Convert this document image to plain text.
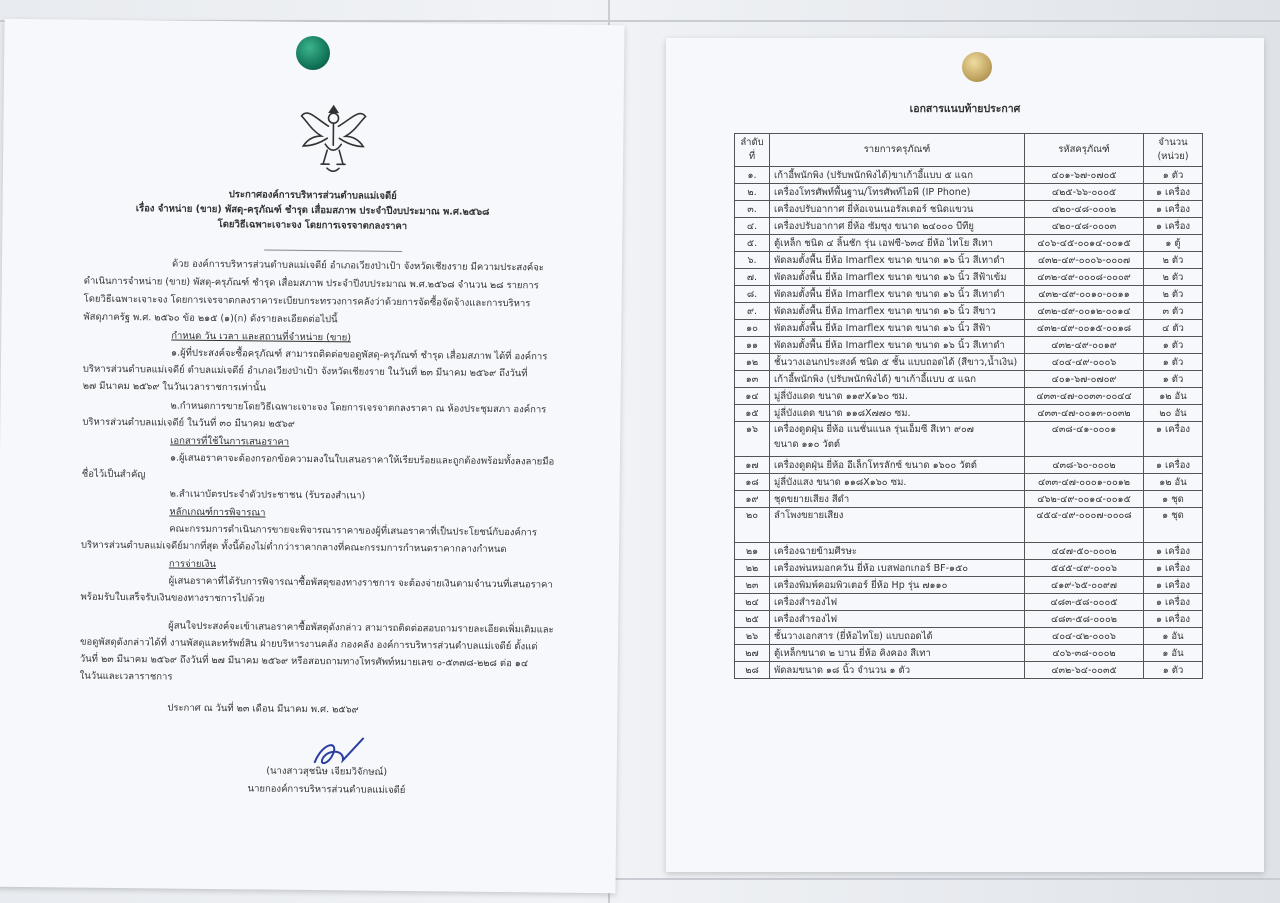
ประกาศองค์การบริหารส่วนตำบลแม่เจดีย์
เรื่อง จำหน่าย (ขาย) พัสดุ-ครุภัณฑ์ ชำรุด เสื่อมสภาพ ประจำปีงบประมาณ พ.ศ.๒๕๖๘
โดยวิธีเฉพาะเจาะจง โดยการเจรจาตกลงราคา
ด้วย องค์การบริหารส่วนตำบลแม่เจดีย์ อำเภอเวียงป่าเป้า จังหวัดเชียงราย มีความประสงค์จะ
ดำเนินการจำหน่าย (ขาย) พัสดุ-ครุภัณฑ์ ชำรุด เสื่อมสภาพ ประจำปีงบประมาณ พ.ศ.๒๕๖๘ จำนวน ๒๘ รายการ
โดยวิธีเฉพาะเจาะจง โดยการเจรจาตกลงราคาระเบียบกระทรวงการคลังว่าด้วยการจัดซื้อจัดจ้างและการบริหาร
พัสดุภาครัฐ พ.ศ. ๒๕๖๐ ข้อ ๒๑๕ (๑)(ก) ดังรายละเอียดต่อไปนี้
กำหนด วัน เวลา และสถานที่จำหน่าย (ขาย)
๑.ผู้ที่ประสงค์จะซื้อครุภัณฑ์ สามารถติดต่อขอดูพัสดุ-ครุภัณฑ์ ชำรุด เสื่อมสภาพ ได้ที่ องค์การ
บริหารส่วนตำบลแม่เจดีย์ ตำบลแม่เจดีย์ อำเภอเวียงป่าเป้า จังหวัดเชียงราย ในวันที่ ๒๓ มีนาคม ๒๕๖๙ ถึงวันที่
๒๗ มีนาคม ๒๕๖๙ ในวันเวลาราชการเท่านั้น
๒.กำหนดการขายโดยวิธีเฉพาะเจาะจง โดยการเจรจาตกลงราคา ณ ห้องประชุมสภา องค์การ
บริหารส่วนตำบลแม่เจดีย์ ในวันที่ ๓๐ มีนาคม ๒๕๖๙
เอกสารที่ใช้ในการเสนอราคา
๑.ผู้เสนอราคาจะต้องกรอกข้อความลงในใบเสนอราคาให้เรียบร้อยและถูกต้องพร้อมทั้งลงลายมือ
ชื่อไว้เป็นสำคัญ
๒.สำเนาบัตรประจำตัวประชาชน (รับรองสำเนา)
หลักเกณฑ์การพิจารณา
คณะกรรมการดำเนินการขายจะพิจารณาราคาของผู้ที่เสนอราคาที่เป็นประโยชน์กับองค์การ
บริหารส่วนตำบลแม่เจดีย์มากที่สุด ทั้งนี้ต้องไม่ต่ำกว่าราคากลางที่คณะกรรมการกำหนดราคากลางกำหนด
การจ่ายเงิน
ผู้เสนอราคาที่ได้รับการพิจารณาซื้อพัสดุของทางราชการ จะต้องจ่ายเงินตามจำนวนที่เสนอราคา
พร้อมรับใบเสร็จรับเงินของทางราชการไปด้วย
ผู้สนใจประสงค์จะเข้าเสนอราคาซื้อพัสดุดังกล่าว สามารถติดต่อสอบถามรายละเอียดเพิ่มเติมและ
ขอดูพัสดุดังกล่าวได้ที่ งานพัสดุและทรัพย์สิน ฝ่ายบริหารงานคลัง กองคลัง องค์การบริหารส่วนตำบลแม่เจดีย์ ตั้งแต่
วันที่ ๒๓ มีนาคม ๒๕๖๙ ถึงวันที่ ๒๗ มีนาคม ๒๕๖๙ หรือสอบถามทางโทรศัพท์หมายเลข ๐-๕๓๗๘-๒๒๘ ต่อ ๑๔
ในวันและเวลาราชการ
ประกาศ ณ วันที่ ๒๓ เดือน มีนาคม พ.ศ. ๒๕๖๙
(นางสาวสุชนิษ เจียมวิจักษณ์)
นายกองค์การบริหารส่วนตำบลแม่เจดีย์
เอกสารแนบท้ายประกาศ
ลำดับ
ที่	รายการครุภัณฑ์	รหัสครุภัณฑ์	จำนวน
(หน่วย)
๑.	เก้าอี้พนักพิง (ปรับพนักพิงได้)ขาเก้าอี้แบบ ๕ แฉก	๔๐๑-๖๗-๐๗๐๕	๑ ตัว
๒.	เครื่องโทรศัพท์พื้นฐาน/โทรศัพท์ไอพี (IP Phone)	๔๒๕-๖๖-๐๐๐๕	๑ เครื่อง
๓.	เครื่องปรับอากาศ ยี่ห้อเจนเนอรัลเตอร์ ชนิดแขวน	๔๒๐-๔๘-๐๐๐๒	๑ เครื่อง
๔.	เครื่องปรับอากาศ ยี่ห้อ ซัมซุง ขนาด ๒๔๐๐๐ บีทียู	๔๒๐-๔๘-๐๐๐๓	๑ เครื่อง
๕.	ตู้เหล็ก ชนิด ๔ ลิ้นชัก รุ่น เอฟซี-๖๓๔ ยี่ห้อ ไทโย สีเทา	๔๐๖-๔๕-๐๐๑๔-๐๐๑๕	๑ ตู้
๖.	พัดลมตั้งพื้น ยี่ห้อ Imarflex ขนาด ขนาด ๑๖ นิ้ว สีเทาดำ	๔๓๒-๔๙-๐๐๐๖-๐๐๐๗	๒ ตัว
๗.	พัดลมตั้งพื้น ยี่ห้อ Imarflex ขนาด ขนาด ๑๖ นิ้ว สีฟ้าเข้ม	๔๓๒-๔๙-๐๐๐๘-๐๐๐๙	๒ ตัว
๘.	พัดลมตั้งพื้น ยี่ห้อ Imarflex ขนาด ขนาด ๑๖ นิ้ว สีเทาดำ	๔๓๒-๔๙-๐๐๑๐-๐๐๑๑	๒ ตัว
๙.	พัดลมตั้งพื้น ยี่ห้อ Imarflex ขนาด ขนาด ๑๖ นิ้ว สีขาว	๔๓๒-๔๙-๐๐๑๒-๐๐๑๔	๓ ตัว
๑๐	พัดลมตั้งพื้น ยี่ห้อ Imarflex ขนาด ขนาด ๑๖ นิ้ว สีฟ้า	๔๓๒-๔๙-๐๐๑๕-๐๐๑๘	๔ ตัว
๑๑	พัดลมตั้งพื้น ยี่ห้อ Imarflex ขนาด ขนาด ๑๖ นิ้ว สีเทาดำ	๔๓๒-๔๙-๐๐๑๙	๑ ตัว
๑๒	ชั้นวางเอนกประสงค์ ชนิด ๕ ชั้น แบบถอดได้ (สีขาว,น้ำเงิน)	๔๐๔-๔๙-๐๐๐๖	๑ ตัว
๑๓	เก้าอี้พนักพิง (ปรับพนักพิงได้) ขาเก้าอี้แบบ ๕ แฉก	๔๐๑-๖๗-๐๗๐๙	๑ ตัว
๑๔	มู่ลี่บังแดด ขนาด ๑๑๙X๑๖๐ ซม.	๔๓๓-๔๗-๐๐๓๓-๐๐๔๔	๑๒ อัน
๑๕	มู่ลี่บังแดด ขนาด ๑๑๘X๗๗๐ ซม.	๔๓๓-๔๗-๐๐๑๓-๐๐๓๒	๒๐ อัน
๑๖	เครื่องดูดฝุ่น ยี่ห้อ แนชั่นแนล รุ่นเอ็มซี สีเทา ๙๐๗
ขนาด ๑๑๐ วัตต์	๔๓๘-๔๑-๐๐๐๑	๑ เครื่อง
๑๗	เครื่องดูดฝุ่น ยี่ห้อ อีเล็กโทรลักซ์ ขนาด ๑๖๐๐ วัตต์	๔๓๘-๖๐-๐๐๐๒	๑ เครื่อง
๑๘	มู่ลี่บังแสง ขนาด ๑๑๘X๑๖๐ ซม.	๔๓๓-๔๗-๐๐๐๑-๐๐๑๒	๑๒ อัน
๑๙	ชุดขยายเสียง สีดำ	๔๖๒-๔๙-๐๐๑๔-๐๐๑๕	๑ ชุด
๒๐	ลำโพงขยายเสียง	๔๕๔-๔๙-๐๐๐๗-๐๐๐๘	๑ ชุด
๒๑	เครื่องฉายข้ามศีรษะ	๔๔๗-๕๐-๐๐๐๒	๑ เครื่อง
๒๒	เครื่องพ่นหมอกควัน ยี่ห้อ เบสฟอกเกอร์ BF-๑๕๐	๕๔๕-๔๙-๐๐๐๖	๑ เครื่อง
๒๓	เครื่องพิมพ์คอมพิวเตอร์ ยี่ห้อ Hp รุ่น ๗๑๑๐	๔๑๙-๖๕-๐๐๙๗	๑ เครื่อง
๒๔	เครื่องสำรองไฟ	๔๘๓-๕๘-๐๐๐๕	๑ เครื่อง
๒๕	เครื่องสำรองไฟ	๔๘๓-๕๘-๐๐๐๒	๑ เครื่อง
๒๖	ชั้นวางเอกสาร (ยี่ห้อไทโย) แบบถอดได้	๔๐๔-๔๒-๐๐๐๖	๑ อัน
๒๗	ตู้เหล็กขนาด ๒ บาน ยี่ห้อ คิงคอง สีเทา	๔๐๖-๓๘-๐๐๐๒	๑ อัน
๒๘	พัดลมขนาด ๑๘ นิ้ว จำนวน ๑ ตัว	๔๓๒-๖๔-๐๐๓๕	๑ ตัว
